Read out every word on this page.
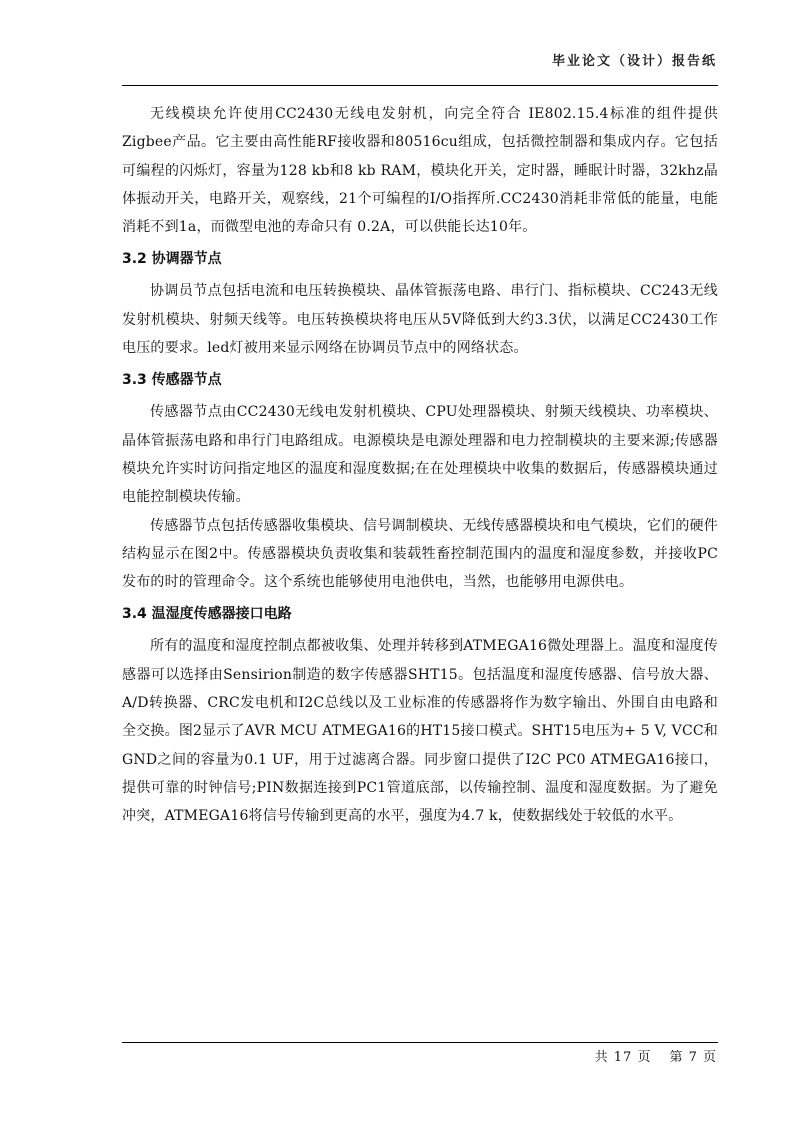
毕业论文（设计）报告纸

无线模块允许使用CC2430无线电发射机，向完全符合 IE802.15.4标准的组件提供Zigbee产品。它主要由高性能RF接收器和80516cu组成，包括微控制器和集成内存。它包括可编程的闪烁灯，容量为128 kb和8 kb RAM，模块化开关，定时器，睡眠计时器，32khz晶体振动开关，电路开关，观察线，21个可编程的I/O指挥所.CC2430消耗非常低的能量，电能消耗不到1a，而微型电池的寿命只有 0.2A，可以供能长达10年。

3.2 协调器节点

协调员节点包括电流和电压转换模块、晶体管振荡电路、串行门、指标模块、CC243无线发射机模块、射频天线等。电压转换模块将电压从5V降低到大约3.3伏，以满足CC2430工作电压的要求。led灯被用来显示网络在协调员节点中的网络状态。

3.3 传感器节点

传感器节点由CC2430无线电发射机模块、CPU处理器模块、射频天线模块、功率模块、晶体管振荡电路和串行门电路组成。电源模块是电源处理器和电力控制模块的主要来源;传感器模块允许实时访问指定地区的温度和湿度数据;在在处理模块中收集的数据后，传感器模块通过电能控制模块传输。

传感器节点包括传感器收集模块、信号调制模块、无线传感器模块和电气模块，它们的硬件结构显示在图2中。传感器模块负责收集和装载牲畜控制范围内的温度和湿度参数，并接收PC发布的时的管理命令。这个系统也能够使用电池供电，当然，也能够用电源供电。

3.4 温湿度传感器接口电路

所有的温度和湿度控制点都被收集、处理并转移到ATMEGA16微处理器上。温度和湿度传感器可以选择由Sensirion制造的数字传感器SHT15。包括温度和湿度传感器、信号放大器、A/D转换器、CRC发电机和I2C总线以及工业标准的传感器将作为数字输出、外围自由电路和全交换。图2显示了AVR MCU ATMEGA16的HT15接口模式。SHT15电压为+ 5 V, VCC和GND之间的容量为0.1 UF，用于过滤离合器。同步窗口提供了I2C PC0 ATMEGA16接口，提供可靠的时钟信号;PIN数据连接到PC1管道底部，以传输控制、温度和湿度数据。为了避免冲突，ATMEGA16将信号传输到更高的水平，强度为4.7 k，使数据线处于较低的水平。

共 17 页 第 7 页
